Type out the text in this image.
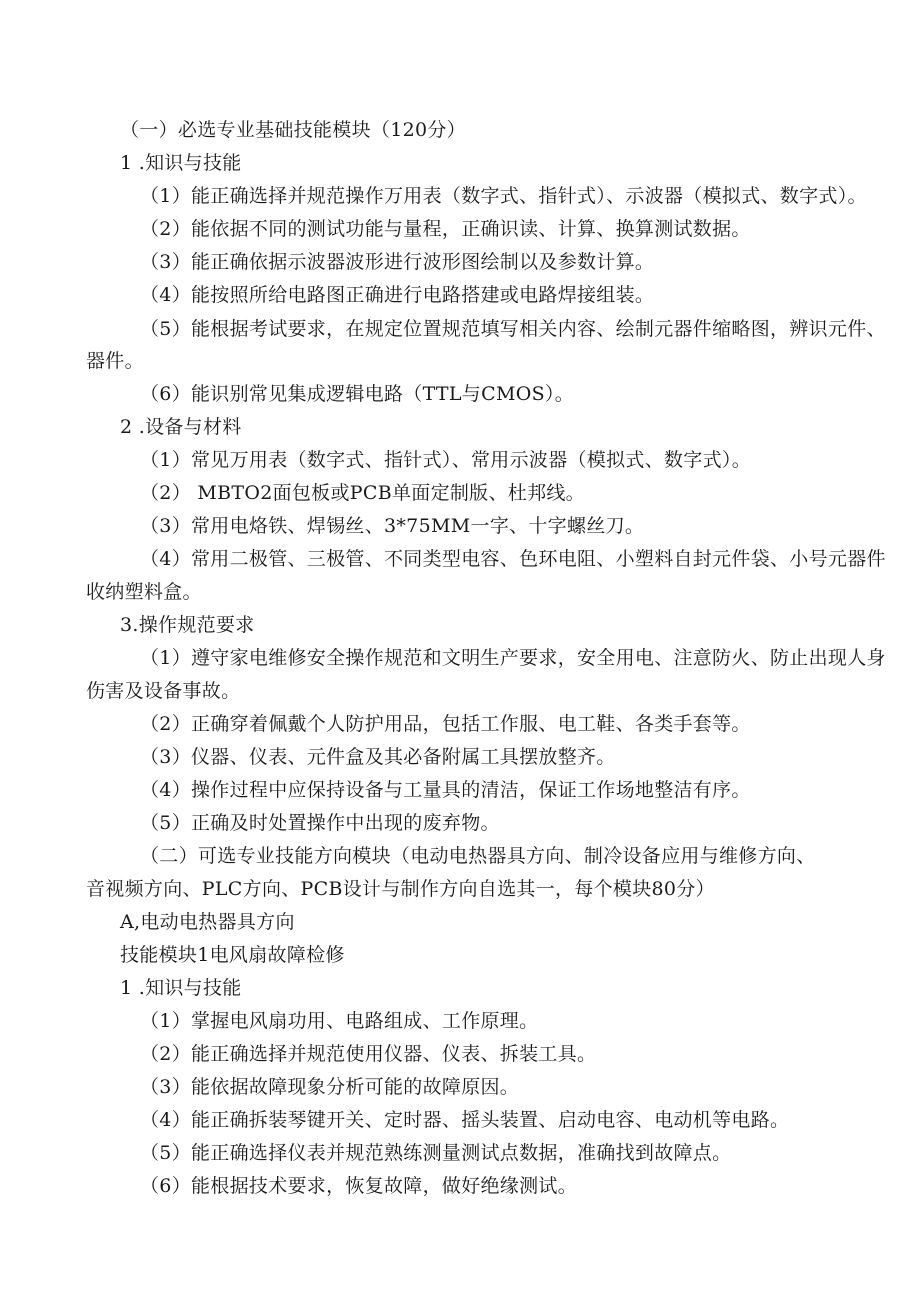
（一）必选专业基础技能模块（120分）
1 .知识与技能
（1）能正确选择并规范操作万用表（数字式、指针式）、示波器（模拟式、数字式）。
（2）能依据不同的测试功能与量程，正确识读、计算、换算测试数据。
（3）能正确依据示波器波形进行波形图绘制以及参数计算。
（4）能按照所给电路图正确进行电路搭建或电路焊接组装。
（5）能根据考试要求，在规定位置规范填写相关内容、绘制元器件缩略图，辨识元件、
器件。
（6）能识别常见集成逻辑电路（TTL与CMOS）。
2 .设备与材料
（1）常见万用表（数字式、指针式）、常用示波器（模拟式、数字式）。
（2） MBTO2面包板或PCB单面定制版、杜邦线。
（3）常用电烙铁、焊锡丝、3*75MM一字、十字螺丝刀。
（4）常用二极管、三极管、不同类型电容、色环电阻、小塑料自封元件袋、小号元器件
收纳塑料盒。
3.操作规范要求
（1）遵守家电维修安全操作规范和文明生产要求，安全用电、注意防火、防止出现人身
伤害及设备事故。
（2）正确穿着佩戴个人防护用品，包括工作服、电工鞋、各类手套等。
（3）仪器、仪表、元件盒及其必备附属工具摆放整齐。
（4）操作过程中应保持设备与工量具的清洁，保证工作场地整洁有序。
（5）正确及时处置操作中出现的废弃物。
（二）可选专业技能方向模块（电动电热器具方向、制冷设备应用与维修方向、
音视频方向、PLC方向、PCB设计与制作方向自选其一，每个模块80分）
A,电动电热器具方向
技能模块1电风扇故障检修
1 .知识与技能
（1）掌握电风扇功用、电路组成、工作原理。
（2）能正确选择并规范使用仪器、仪表、拆装工具。
（3）能依据故障现象分析可能的故障原因。
（4）能正确拆装琴键开关、定时器、摇头装置、启动电容、电动机等电路。
（5）能正确选择仪表并规范熟练测量测试点数据，准确找到故障点。
（6）能根据技术要求，恢复故障，做好绝缘测试。
